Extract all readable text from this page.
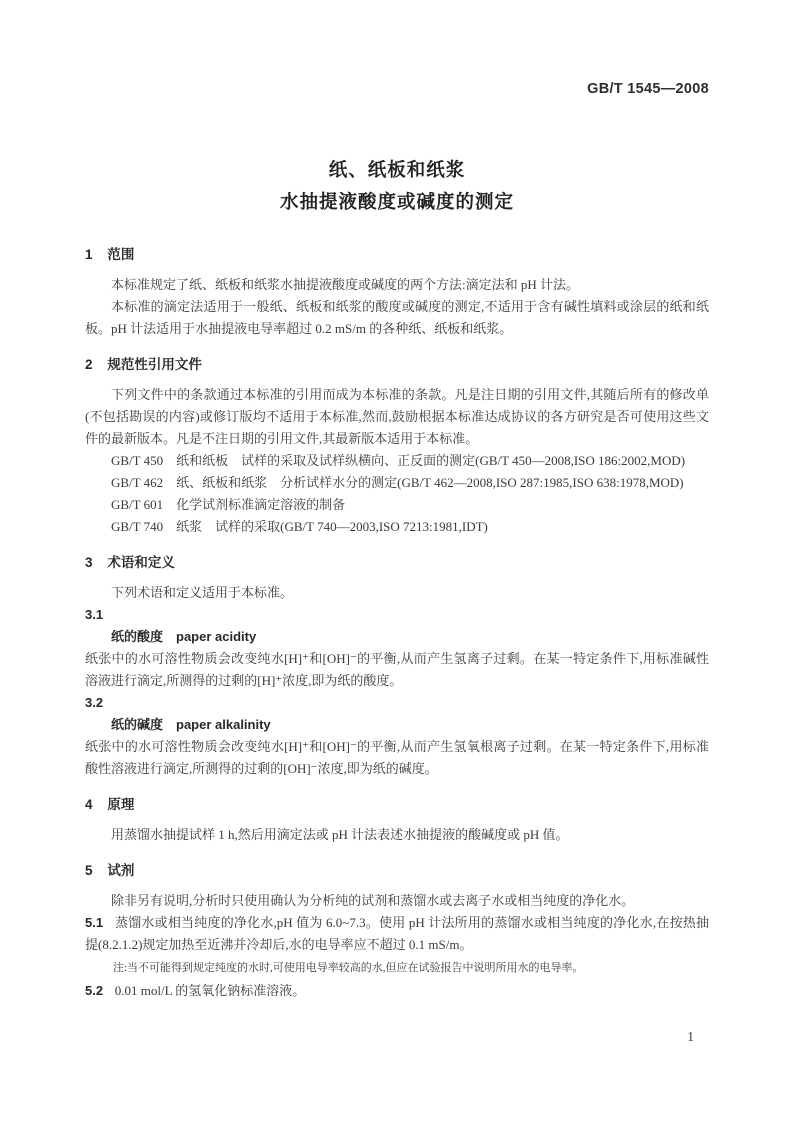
GB/T 1545—2008
纸、纸板和纸浆
水抽提液酸度或碱度的测定
1 范围

本标准规定了纸、纸板和纸浆水抽提液酸度或碱度的两个方法:滴定法和 pH 计法。

本标准的滴定法适用于一般纸、纸板和纸浆的酸度或碱度的测定,不适用于含有碱性填料或涂层的纸和纸板。pH 计法适用于水抽提液电导率超过 0.2 mS/m 的各种纸、纸板和纸浆。

2 规范性引用文件

下列文件中的条款通过本标准的引用而成为本标准的条款。凡是注日期的引用文件,其随后所有的修改单(不包括勘误的内容)或修订版均不适用于本标准,然而,鼓励根据本标准达成协议的各方研究是否可使用这些文件的最新版本。凡是不注日期的引用文件,其最新版本适用于本标准。

GB/T 450　纸和纸板　试样的采取及试样纵横向、正反面的测定(GB/T 450—2008,ISO 186:2002,MOD)

GB/T 462　纸、纸板和纸浆　分析试样水分的测定(GB/T 462—2008,ISO 287:1985,ISO 638:1978,MOD)

GB/T 601　化学试剂标准滴定溶液的制备

GB/T 740　纸浆　试样的采取(GB/T 740—2003,ISO 7213:1981,IDT)

3 术语和定义

下列术语和定义适用于本标准。

3.1

纸的酸度　paper acidity

纸张中的水可溶性物质会改变纯水[H]⁺和[OH]⁻的平衡,从而产生氢离子过剩。在某一特定条件下,用标准碱性溶液进行滴定,所测得的过剩的[H]⁺浓度,即为纸的酸度。

3.2

纸的碱度　paper alkalinity

纸张中的水可溶性物质会改变纯水[H]⁺和[OH]⁻的平衡,从而产生氢氧根离子过剩。在某一特定条件下,用标准酸性溶液进行滴定,所测得的过剩的[OH]⁻浓度,即为纸的碱度。

4 原理

用蒸馏水抽提试样 1 h,然后用滴定法或 pH 计法表述水抽提液的酸碱度或 pH 值。

5 试剂

除非另有说明,分析时只使用确认为分析纯的试剂和蒸馏水或去离子水或相当纯度的净化水。

5.1 蒸馏水或相当纯度的净化水,pH 值为 6.0~7.3。使用 pH 计法所用的蒸馏水或相当纯度的净化水,在按热抽提(8.2.1.2)规定加热至近沸并冷却后,水的电导率应不超过 0.1 mS/m。

注:当不可能得到规定纯度的水时,可使用电导率较高的水,但应在试验报告中说明所用水的电导率。

5.2 0.01 mol/L 的氢氧化钠标准溶液。

1
